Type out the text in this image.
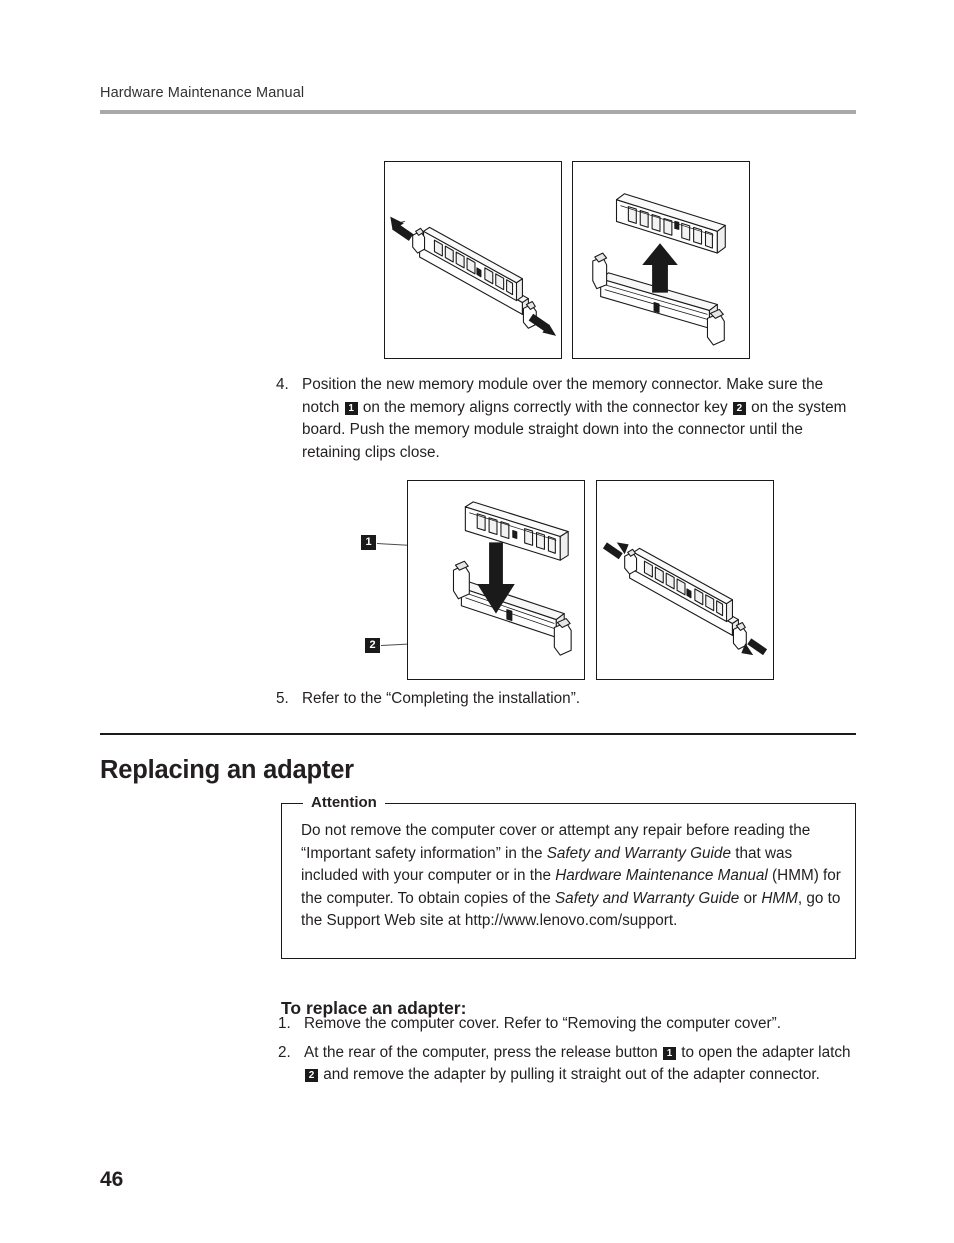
Hardware Maintenance Manual

4. Position the new memory module over the memory connector. Make sure the notch 1 on the memory aligns correctly with the connector key 2 on the system board. Push the memory module straight down into the connector until the retaining clips close.

1
2

5. Refer to the “Completing the installation”.

Replacing an adapter
Attention
Do not remove the computer cover or attempt any repair before reading the “Important safety information” in the Safety and Warranty Guide that was included with your computer or in the Hardware Maintenance Manual (HMM) for the computer. To obtain copies of the Safety and Warranty Guide or HMM, go to the Support Web site at http://www.lenovo.com/support.
To replace an adapter:

1. Remove the computer cover. Refer to “Removing the computer cover”.

2. At the rear of the computer, press the release button 1 to open the adapter latch 2 and remove the adapter by pulling it straight out of the adapter connector.

46
